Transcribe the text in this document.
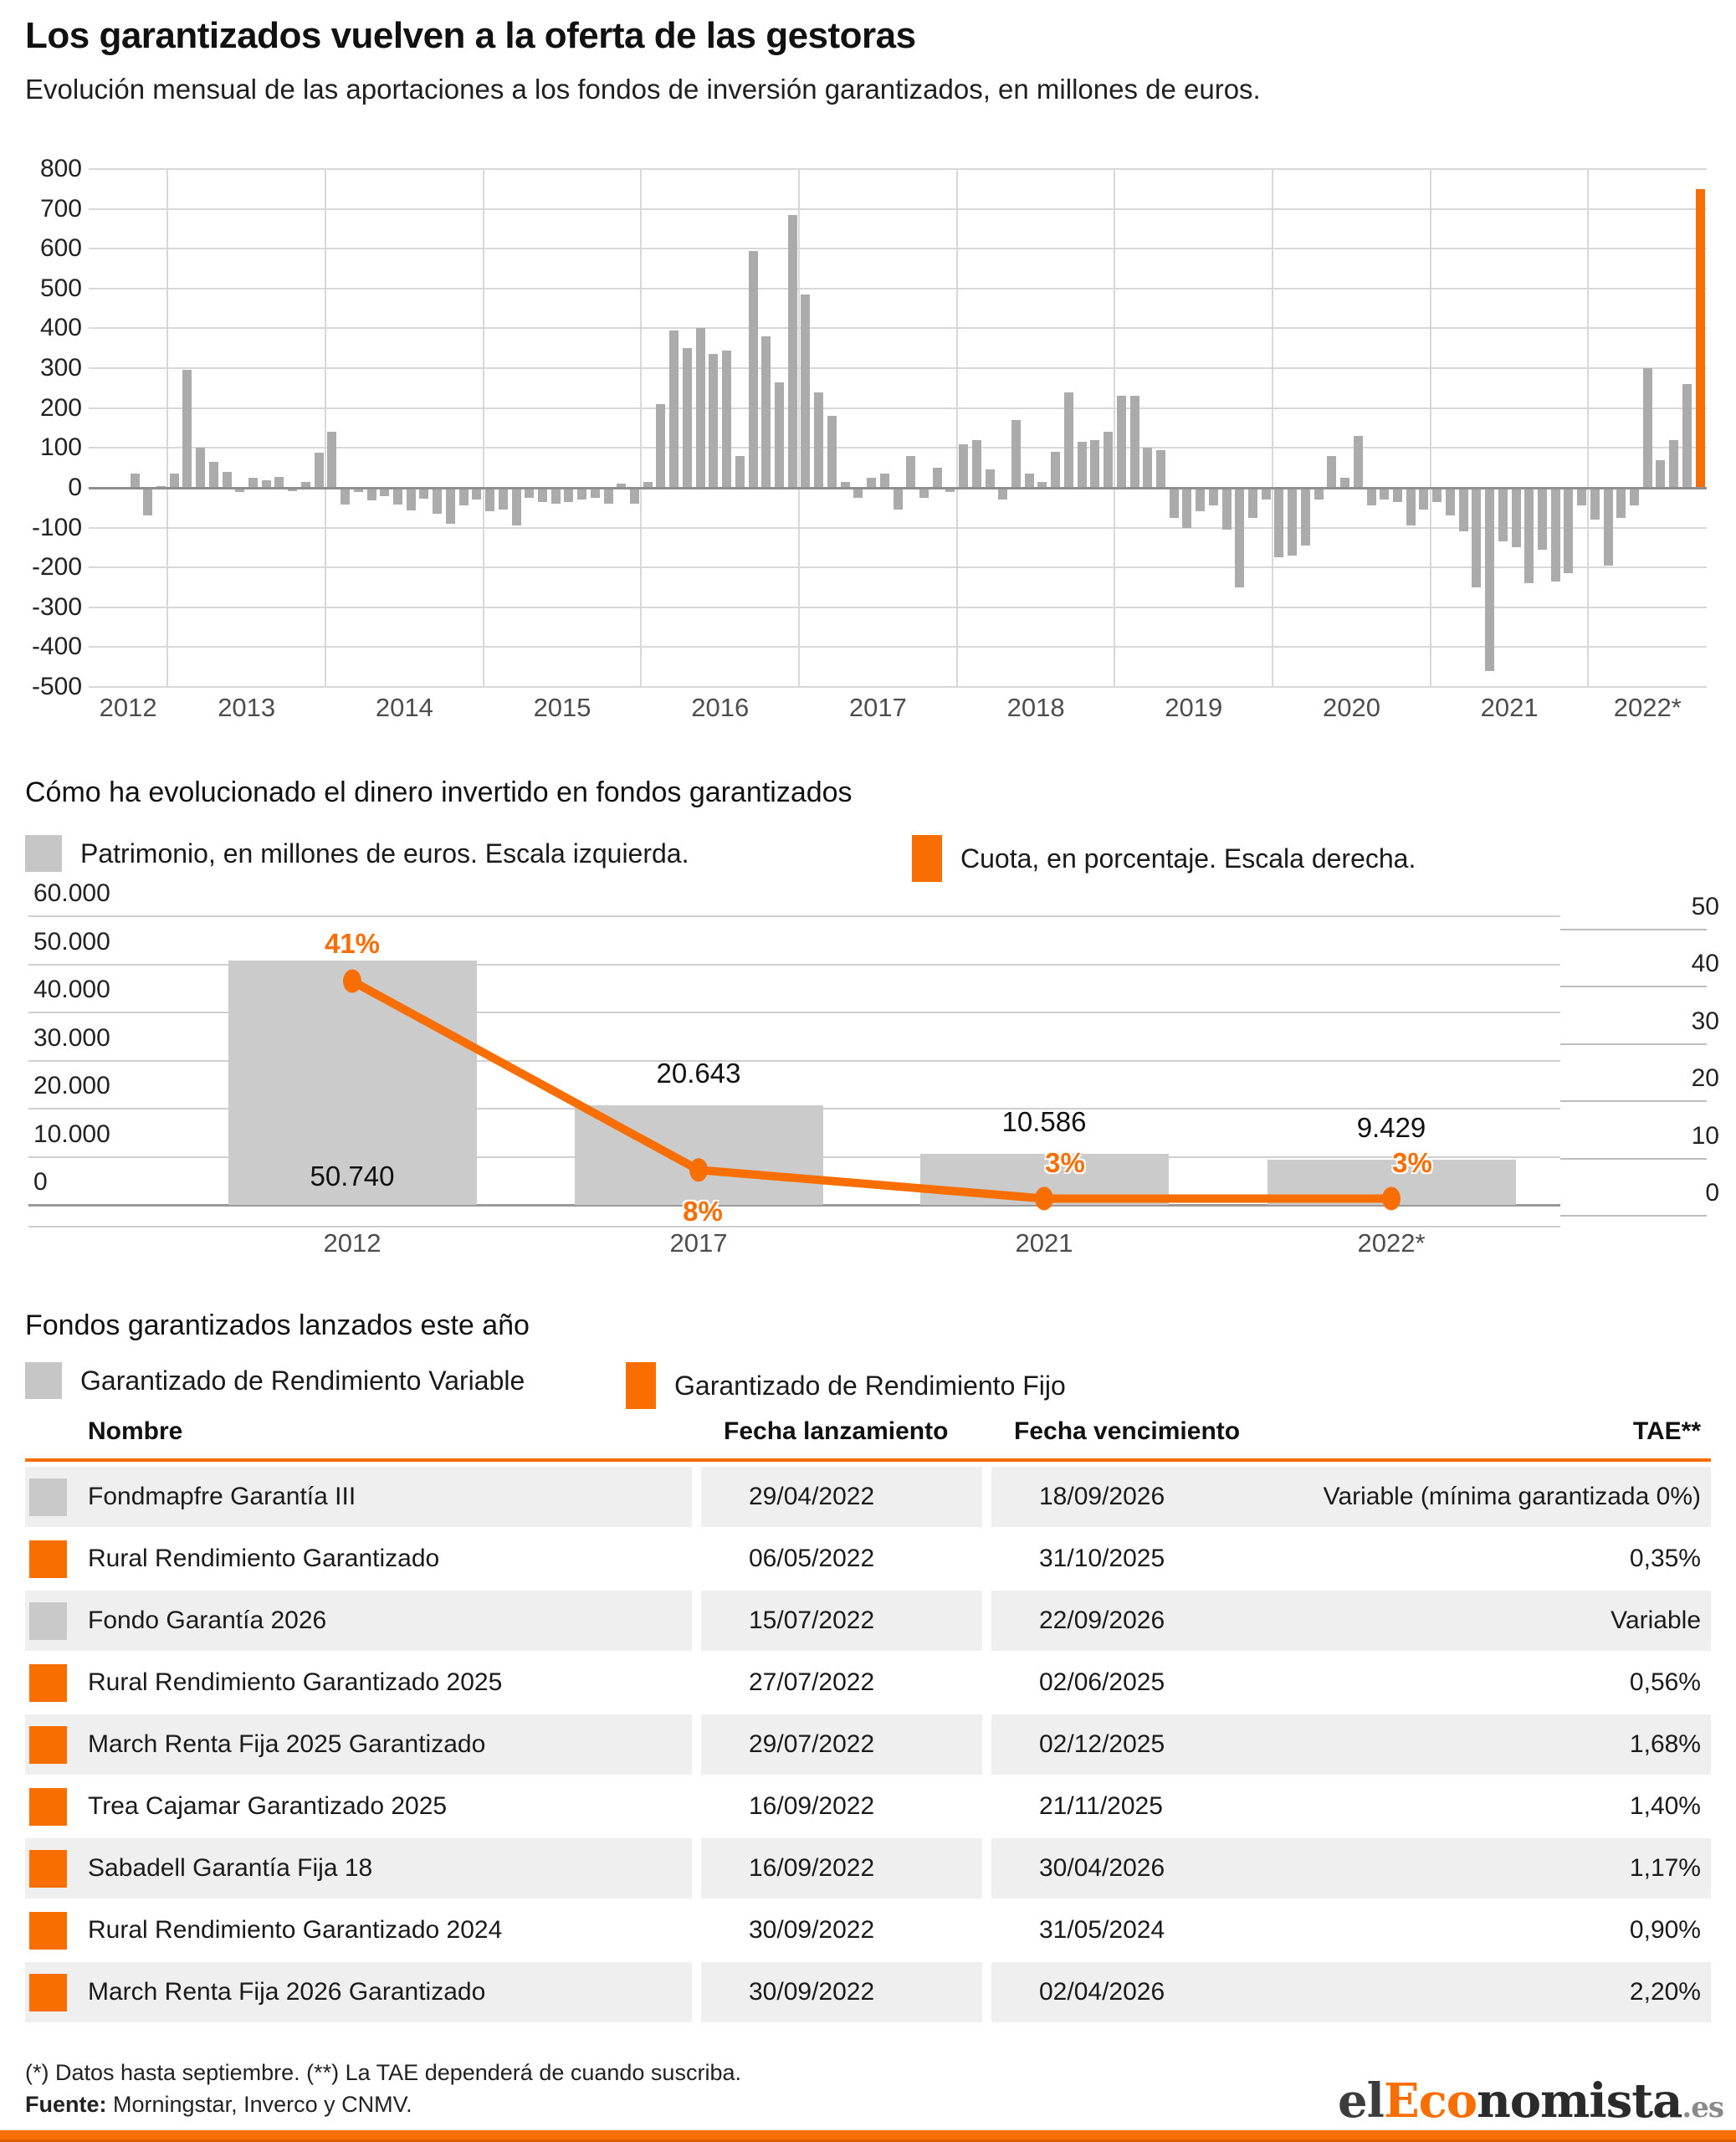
Los garantizados vuelven a la oferta de las gestoras
Evolución mensual de las aportaciones a los fondos de inversión garantizados, en millones de euros.
800
700
600
500
400
300
200
100
0
-100
-200
-300
-400
-500
2012 2013	2014	2015	2016	2017	2018	2019	2020	2021	2022*
Cómo ha evolucionado el dinero invertido en fondos garantizados
Patrimonio, en millones de euros. Escala izquierda.	Cuota, en porcentaje. Escala derecha.
60.000
50.000
40.000
30.000
20.000
10.000
0	50.740
20.643
10.586	9.429
41%
8%
3%	3%
50
40
30
20
10
0
2012	2017	2021	2022*
Fondos garantizados lanzados este año
Garantizado de Rendimiento Variable	Garantizado de Rendimiento Fijo
Nombre	Fecha lanzamiento	Fecha vencimiento	TAE**
Fondmapfre Garantía III	29/04/2022	18/09/2026	Variable (mínima garantizada 0%)
Rural Rendimiento Garantizado	06/05/2022	31/10/2025	0,35%
Fondo Garantía 2026	15/07/2022	22/09/2026	Variable
Rural Rendimiento Garantizado 2025	27/07/2022	02/06/2025	0,56%
March Renta Fija 2025 Garantizado	29/07/2022	02/12/2025	1,68%
Trea Cajamar Garantizado 2025	16/09/2022	21/11/2025	1,40%
Sabadell Garantía Fija 18	16/09/2022	30/04/2026	1,17%
Rural Rendimiento Garantizado 2024	30/09/2022	31/05/2024	0,90%
March Renta Fija 2026 Garantizado	30/09/2022	02/04/2026	2,20%
(*) Datos hasta septiembre. (**) La TAE dependerá de cuando suscriba.
Fuente: Morningstar, Inverco y CNMV.	elEconomista.es
